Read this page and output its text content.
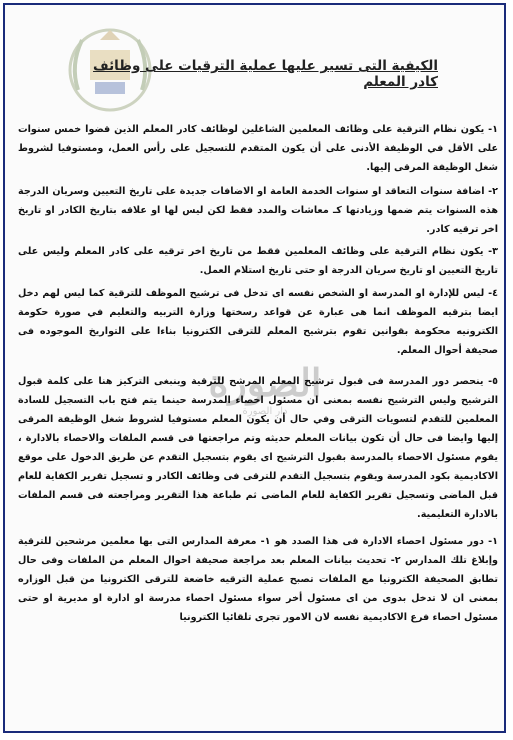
الكيفية التى تسير عليها عملية الترقيات على وظائف كادر المعلم

١- يكون نظام الترقية على وظائف المعلمين الشاغلين لوظائف كادر المعلم الذين قضوا خمس سنوات على الأقل في الوظيفة الأدنى على أن يكون المتقدم للتسجيل على رأس العمل، ومستوفيا لشروط شغل الوظيفة المرقى إليها.

٢- اضافة سنوات التعاقد او سنوات الخدمة العامة او الاضافات جديدة على تاريخ التعيين وسريان الدرجة هذه السنوات يتم ضمها وزيادتها كـ معاشات والمدد فقط لكن ليس لها او علاقه بتاريخ الكادر او تاريخ اخر ترقيه كادر.

٣- يكون نظام الترقية على وظائف المعلمين فقط من تاريخ اخر ترقيه على كادر المعلم وليس على تاريخ التعيين او تاريخ سريان الدرجة او حتى تاريخ استلام العمل.

٤- ليس للإدارة او المدرسة او الشخص نفسه اى تدخل فى ترشيح الموظف للترقية كما ليس لهم دخل ايضا بترقيه الموظف انما هى عبارة عن قواعد رسختها وزارة التربيه والتعليم في صورة حكومة الكترونيه محكومة بقوانين تقوم بترشيح المعلم للترقى الكترونيا بناءا على التواريخ الموجوده فى صحيفة أحوال المعلم.

٥- ينحصر دور المدرسة فى قبول ترشيح المعلم المرشح للترقية وينبغى التركيز هنا على كلمة قبول الترشيح وليس الترشيح نفسه بمعنى ان مسئول احصاء المدرسة حينما يتم فتح باب التسجيل للسادة المعلمين للتقدم لتسويات الترقى وفي حال أن يكون المعلم مستوفيا لشروط شغل الوظيفة المرقى إليها وايضا فى حال أن تكون بيانات المعلم حديثه وتم مراجعتها فى قسم الملفات والاحصاء بالادارة ، يقوم مسئول الاحصاء بالمدرسة بقبول الترشيح اى يقوم بتسجيل التقدم عن طريق الدخول على موقع الاكاديمية بكود المدرسة ويقوم بتسجيل التقدم للترقى فى وظائف الكادر و تسجيل تقرير الكفاية للعام قبل الماضى وتسجيل تقرير الكفاية للعام الماضى ثم طباعة هذا التقرير ومراجعته فى قسم الملفات بالادارة التعليمية.

١- دور مسئول احصاء الادارة فى هذا الصدد هو ١- معرفة المدارس التى بها معلمين مرشحين للترقية وإبلاغ تلك المدارس ٢- تحديث بيانات المعلم بعد مراجعة صحيفة احوال المعلم من الملفات وفى حال تطابق الصحيفة الكترونيا مع الملفات تصبح عملية الترقيه خاضعة للترقى الكترونيا من قبل الوزاره بمعنى ان لا تدخل بدوى من اى مسئول أخر سواء مسئول احصاء مدرسة او ادارة او مديرية او حتى مسئول احصاء فرع الاكاديمية نفسه لان الامور تجرى تلقائيا الكترونيا

الصورة
ﺩﺍﺭ ﺍﻟﺼﻮﺭﺓ
